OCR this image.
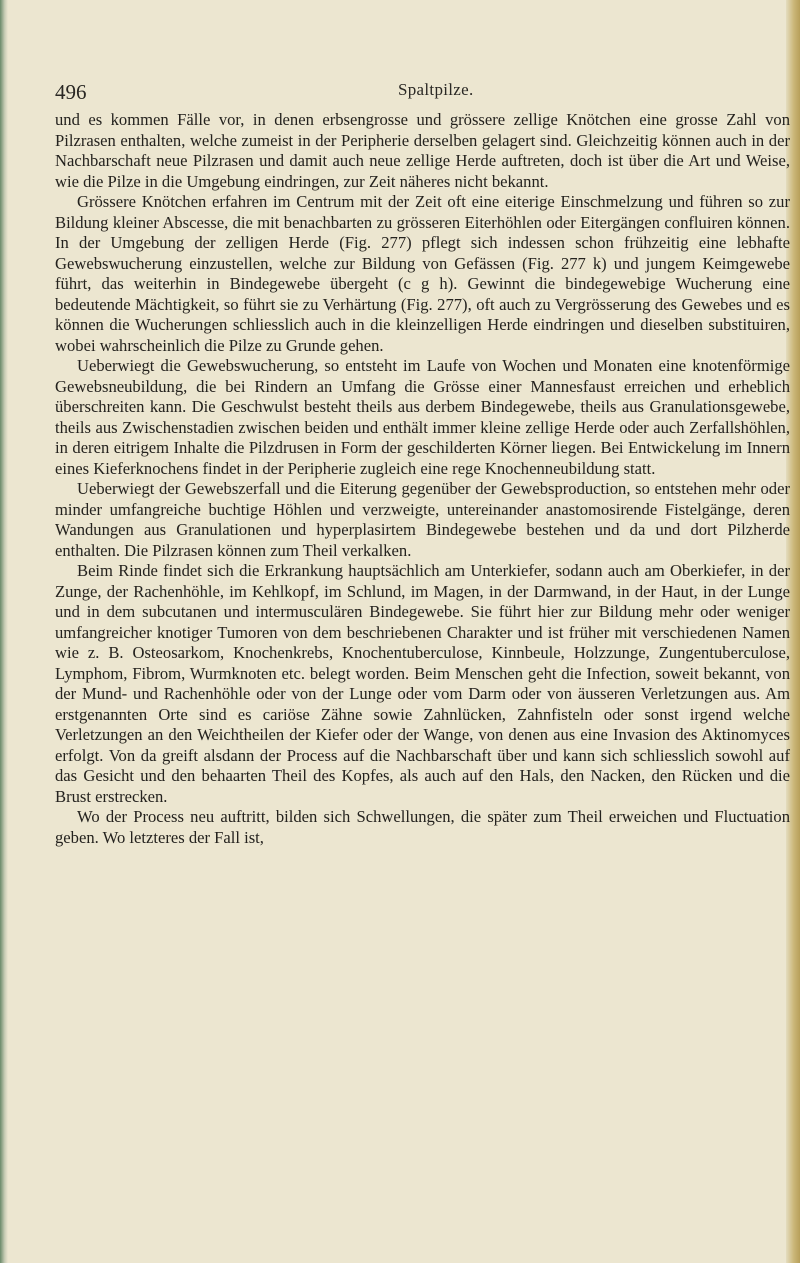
496	Spaltpilze.

und es kommen Fälle vor, in denen erbsengrosse und grössere zellige Knötchen eine grosse Zahl von Pilzrasen enthalten, welche zumeist in der Peripherie derselben gelagert sind. Gleichzeitig können auch in der Nachbarschaft neue Pilzrasen und damit auch neue zellige Herde auftreten, doch ist über die Art und Weise, wie die Pilze in die Umgebung eindringen, zur Zeit näheres nicht bekannt.

Grössere Knötchen erfahren im Centrum mit der Zeit oft eine eiterige Einschmelzung und führen so zur Bildung kleiner Abscesse, die mit benachbarten zu grösseren Eiterhöhlen oder Eitergängen confluiren können. In der Umgebung der zelligen Herde (Fig. 277) pflegt sich indessen schon frühzeitig eine lebhafte Gewebswucherung einzustellen, welche zur Bildung von Gefässen (Fig. 277 k) und jungem Keimgewebe führt, das weiterhin in Bindegewebe übergeht (c g h). Gewinnt die bindegewebige Wucherung eine bedeutende Mächtigkeit, so führt sie zu Verhärtung (Fig. 277), oft auch zu Vergrösserung des Gewebes und es können die Wucherungen schliesslich auch in die kleinzelligen Herde eindringen und dieselben substituiren, wobei wahrscheinlich die Pilze zu Grunde gehen.

Ueberwiegt die Gewebswucherung, so entsteht im Laufe von Wochen und Monaten eine knotenförmige Gewebsneubildung, die bei Rindern an Umfang die Grösse einer Mannesfaust erreichen und erheblich überschreiten kann. Die Geschwulst besteht theils aus derbem Bindegewebe, theils aus Granulationsgewebe, theils aus Zwischenstadien zwischen beiden und enthält immer kleine zellige Herde oder auch Zerfallshöhlen, in deren eitrigem Inhalte die Pilzdrusen in Form der geschilderten Körner liegen. Bei Entwickelung im Innern eines Kieferknochens findet in der Peripherie zugleich eine rege Knochenneubildung statt.

Ueberwiegt der Gewebszerfall und die Eiterung gegenüber der Gewebsproduction, so entstehen mehr oder minder umfangreiche buchtige Höhlen und verzweigte, untereinander anastomosirende Fistelgänge, deren Wandungen aus Granulationen und hyperplasirtem Bindegewebe bestehen und da und dort Pilzherde enthalten. Die Pilzrasen können zum Theil verkalken.

Beim Rinde findet sich die Erkrankung hauptsächlich am Unterkiefer, sodann auch am Oberkiefer, in der Zunge, der Rachenhöhle, im Kehlkopf, im Schlund, im Magen, in der Darmwand, in der Haut, in der Lunge und in dem subcutanen und intermusculären Bindegewebe. Sie führt hier zur Bildung mehr oder weniger umfangreicher knotiger Tumoren von dem beschriebenen Charakter und ist früher mit verschiedenen Namen wie z. B. Osteosarkom, Knochenkrebs, Knochentuberculose, Kinnbeule, Holzzunge, Zungentuberculose, Lymphom, Fibrom, Wurmknoten etc. belegt worden. Beim Menschen geht die Infection, soweit bekannt, von der Mund- und Rachenhöhle oder von der Lunge oder vom Darm oder von äusseren Verletzungen aus. Am erstgenannten Orte sind es cariöse Zähne sowie Zahnlücken, Zahnfisteln oder sonst irgend welche Verletzungen an den Weichtheilen der Kiefer oder der Wange, von denen aus eine Invasion des Aktinomyces erfolgt. Von da greift alsdann der Process auf die Nachbarschaft über und kann sich schliesslich sowohl auf das Gesicht und den behaarten Theil des Kopfes, als auch auf den Hals, den Nacken, den Rücken und die Brust erstrecken.

Wo der Process neu auftritt, bilden sich Schwellungen, die später zum Theil erweichen und Fluctuation geben. Wo letzteres der Fall ist,
